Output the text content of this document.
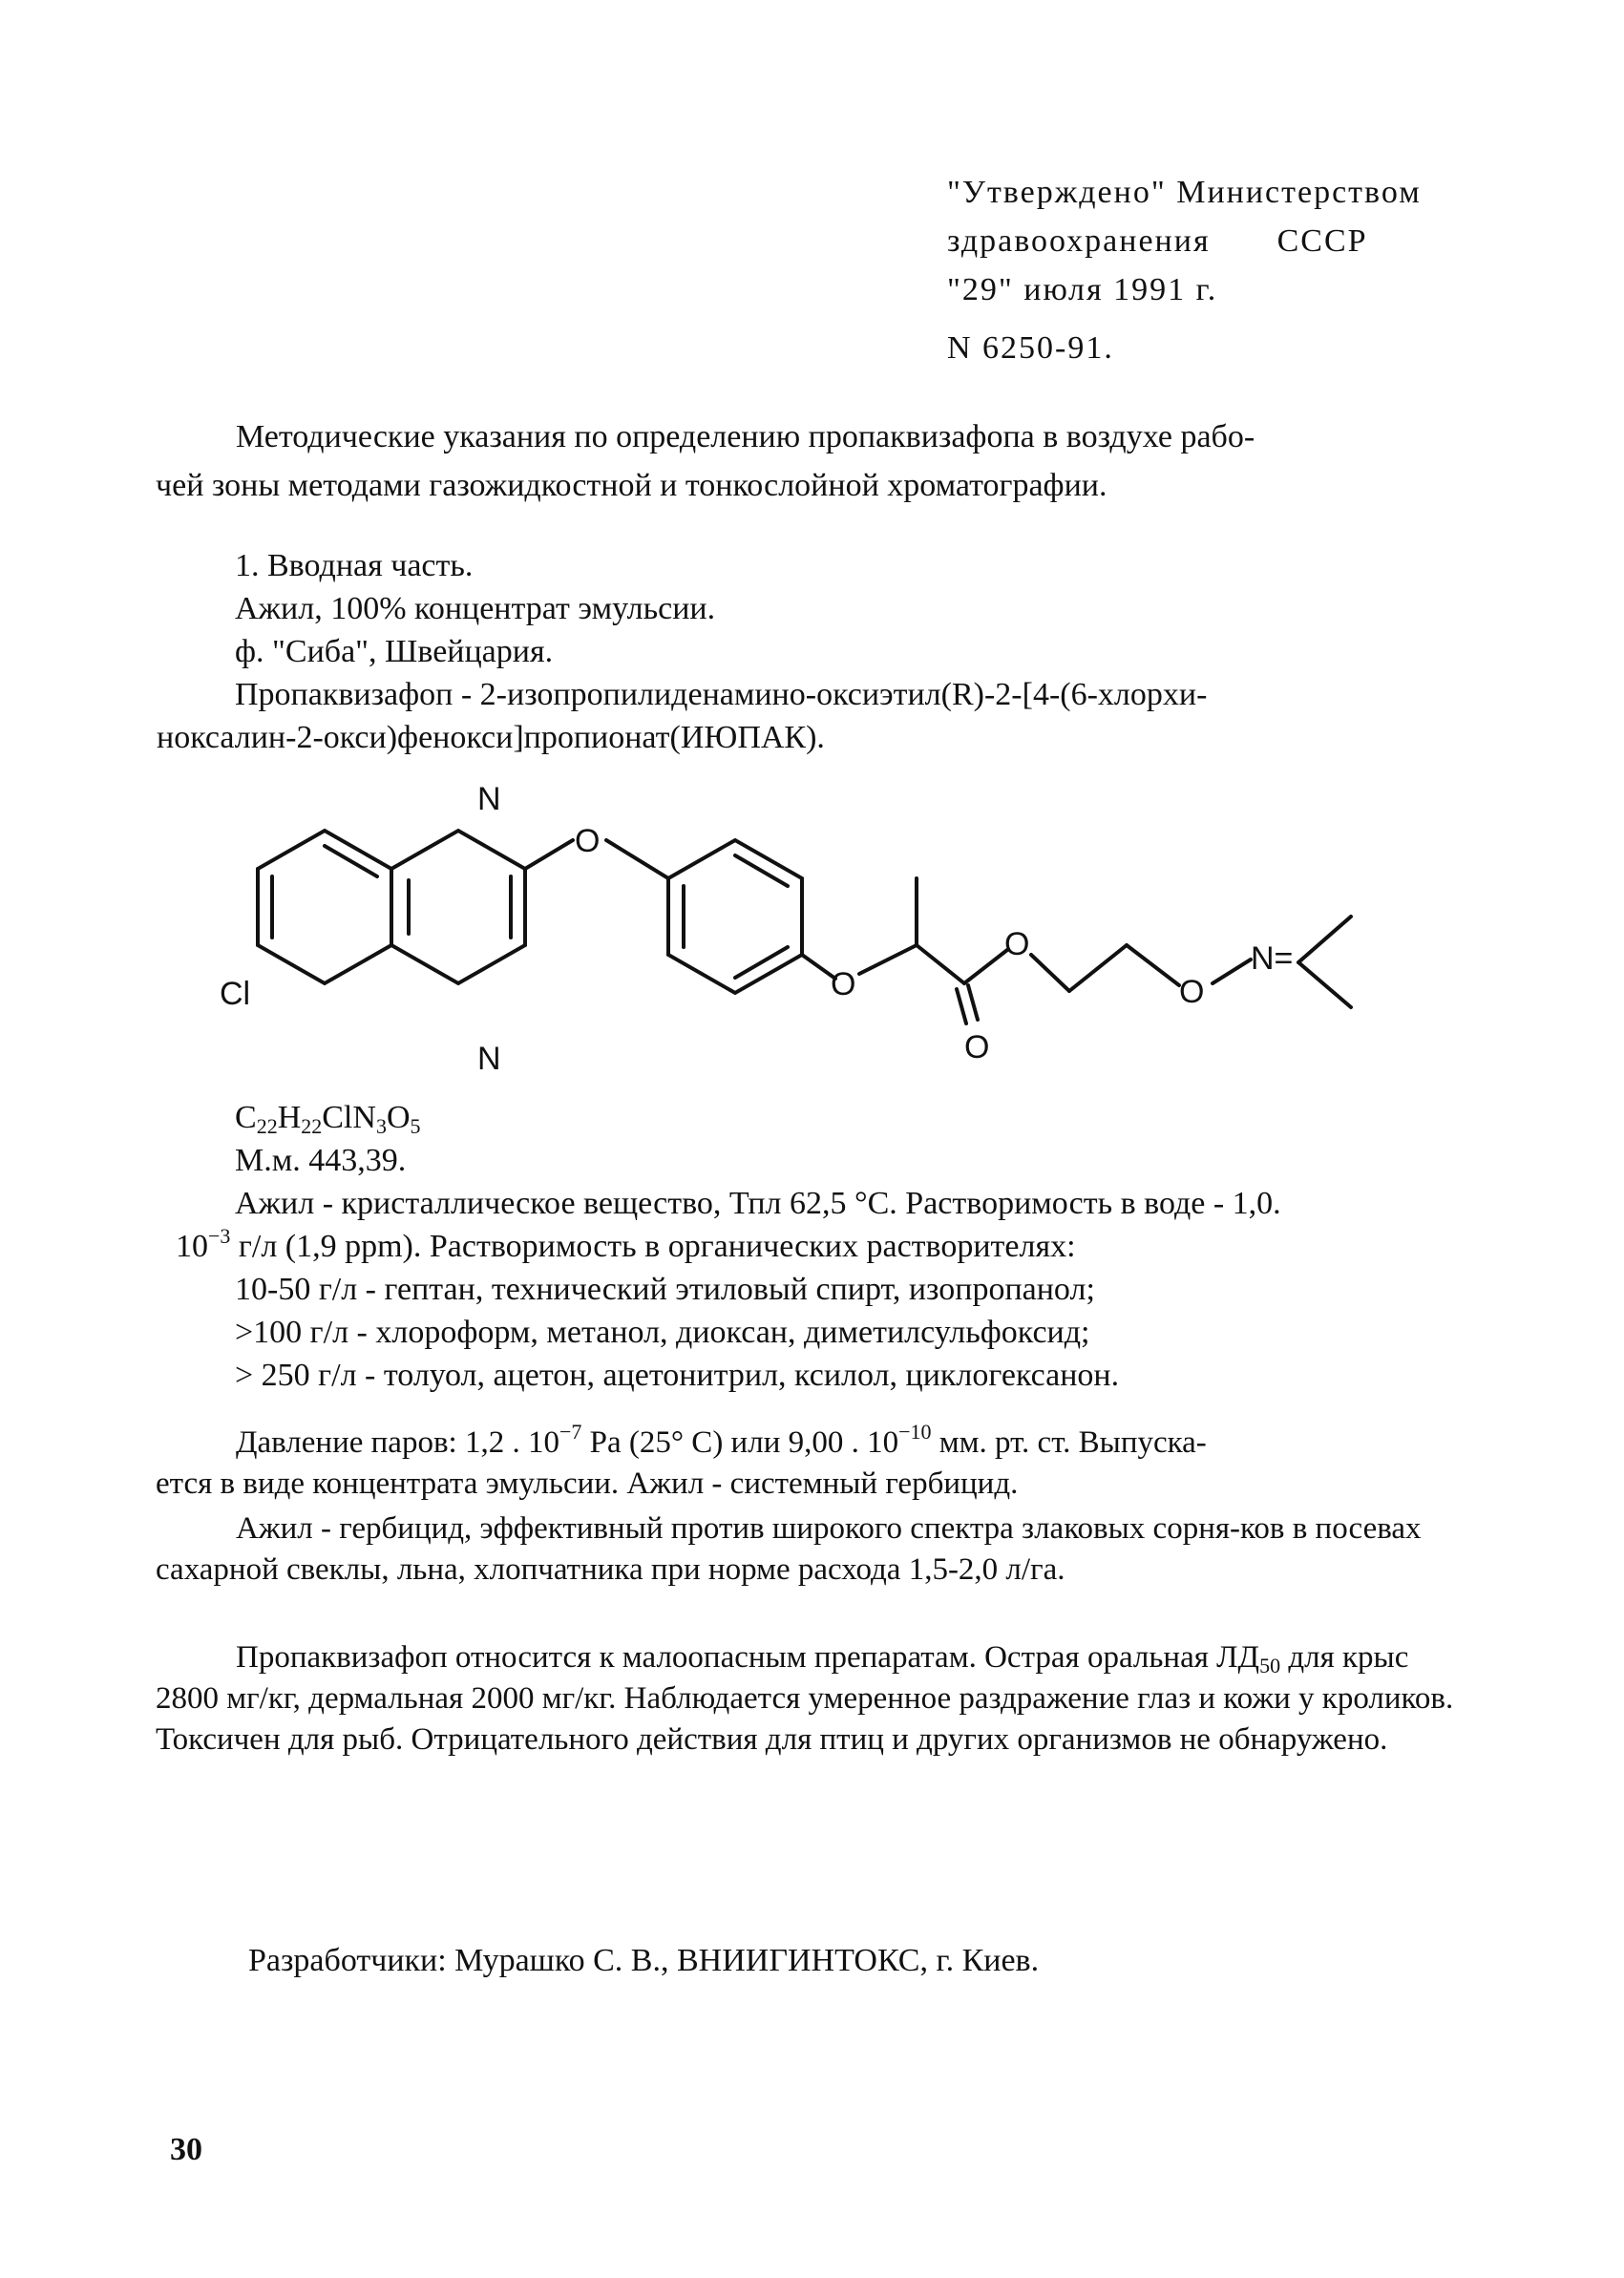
"Утверждено" Министерством
здравоохранения СССР
"29" июля 1991 г.
N 6250-91.
Методические указания по определению пропаквизафопа в воздухе рабо-
чей зоны методами газожидкостной и тонкослойной хроматографии.
1. Вводная часть.
Ажил, 100% концентрат эмульсии.
ф. "Сиба", Швейцария.
Пропаквизафоп - 2-изопропилиденамино-оксиэтил(R)-2-[4-(6-хлорхи-
ноксалин-2-окси)фенокси]пропионат(ИЮПАК).
N
N
Cl
O
O
O
O
O
N=
$C_{22}H_{22}ClN_3O_5$
М.м. 443,39.
Ажил - кристаллическое вещество, Тпл 62,5 °С. Растворимость в воде - 1,0.
$10^{-3}$ г/л (1,9 ppm). Растворимость в органических растворителях:
10-50 г/л - гептан, технический этиловый спирт, изопропанол;
>100 г/л - хлороформ, метанол, диоксан, диметилсульфоксид;
> 250 г/л - толуол, ацетон, ацетонитрил, ксилол, циклогексанон.
Давление паров: 1,2 . $10^{-7}$ Ра (25° С) или 9,00 . $10^{-10}$ мм. рт. ст. Выпуска-
ется в виде концентрата эмульсии. Ажил - системный гербицид.
Ажил - гербицид, эффективный против широкого спектра злаковых сорня-ков в посевах сахарной свеклы, льна, хлопчатника при норме расхода 1,5-2,0 л/га.
Пропаквизафоп относится к малоопасным препаратам. Острая оральная $ЛД_{50}$ для крыс 2800 мг/кг, дермальная 2000 мг/кг. Наблюдается умеренное раздражение глаз и кожи у кроликов. Токсичен для рыб. Отрицательного действия для птиц и других организмов не обнаружено.
Разработчики: Мурашко С. В., ВНИИГИНТОКС, г. Киев.
30
